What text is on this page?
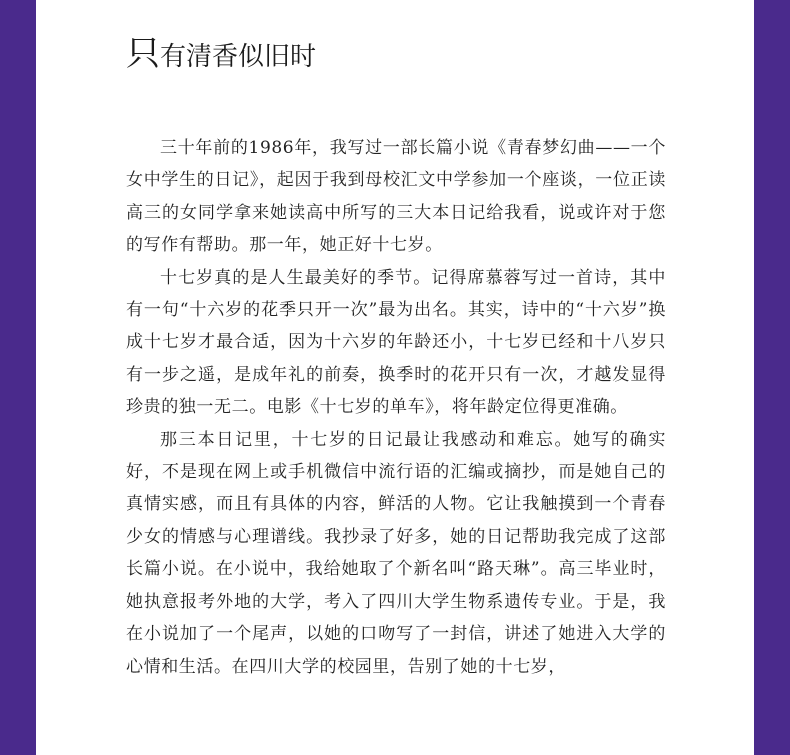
只有清香似旧时

三十年前的1986年，我写过一部长篇小说《青春梦幻曲——一个女中学生的日记》，起因于我到母校汇文中学参加一个座谈，一位正读高三的女同学拿来她读高中所写的三大本日记给我看，说或许对于您的写作有帮助。那一年，她正好十七岁。

十七岁真的是人生最美好的季节。记得席慕蓉写过一首诗，其中有一句“十六岁的花季只开一次”最为出名。其实，诗中的“十六岁”换成十七岁才最合适，因为十六岁的年龄还小，十七岁已经和十八岁只有一步之遥，是成年礼的前奏，换季时的花开只有一次，才越发显得珍贵的独一无二。电影《十七岁的单车》，将年龄定位得更准确。

那三本日记里，十七岁的日记最让我感动和难忘。她写的确实好，不是现在网上或手机微信中流行语的汇编或摘抄，而是她自己的真情实感，而且有具体的内容，鲜活的人物。它让我触摸到一个青春少女的情感与心理谱线。我抄录了好多，她的日记帮助我完成了这部长篇小说。在小说中，我给她取了个新名叫“路天琳”。高三毕业时，她执意报考外地的大学，考入了四川大学生物系遗传专业。于是，我在小说加了一个尾声，以她的口吻写了一封信，讲述了她进入大学的心情和生活。在四川大学的校园里，告别了她的十七岁，
